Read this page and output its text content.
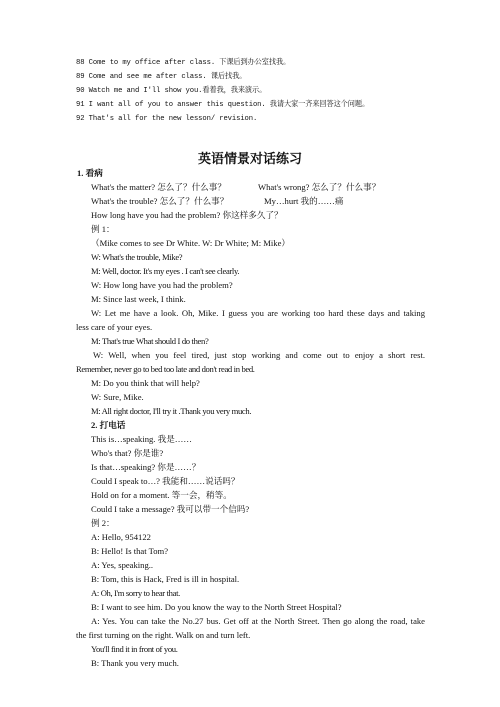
88 Come to my office after class. 下课后到办公室找我。
89 Come and see me after class. 课后找我。
90 Watch me and I'll show you.看着我，我来演示。
91 I want all of you to answer this question. 我请大家一齐来回答这个问题。
92 That's all for the new lesson/ revision.
英语情景对话练习
1. 看病
What's the matter? 怎么了？什么事？	What's wrong? 怎么了？什么事？
What's the trouble? 怎么了？什么事？	My…hurt 我的……痛
How long have you had the problem? 你这样多久了？
例 1：
（Mike comes to see Dr White. W: Dr White; M: Mike）
W: What's the trouble, Mike?
M: Well, doctor. It's my eyes . I can't see clearly.
W: How long have you had the problem?
M: Since last week, I think.
W: Let me have a look. Oh, Mike. I guess you are working too hard these days and taking
less care of your eyes.
M: That's true What should I do then?
W: Well, when you feel tired, just stop working and come out to enjoy a short rest.
Remember, never go to bed too late and don't read in bed.
M: Do you think that will help?
W: Sure, Mike.
M: All right doctor, I'll try it .Thank you very much.
2. 打电话
This is…speaking. 我是……
Who's that? 你是谁?
Is that…speaking? 你是……？
Could I speak to…? 我能和……说话吗？
Hold on for a moment. 等一会，稍等。
Could I take a message? 我可以带一个信吗?
例 2：
A: Hello, 954122
B: Hello! Is that Tom?
A: Yes, speaking..
B: Tom, this is Hack, Fred is ill in hospital.
A: Oh, I'm sorry to hear that.
B: I want to see him. Do you know the way to the North Street Hospital?
A: Yes. You can take the No.27 bus. Get off at the North Street. Then go along the road, take
the first turning on the right. Walk on and turn left.
You'll find it in front of you.
B: Thank you very much.
